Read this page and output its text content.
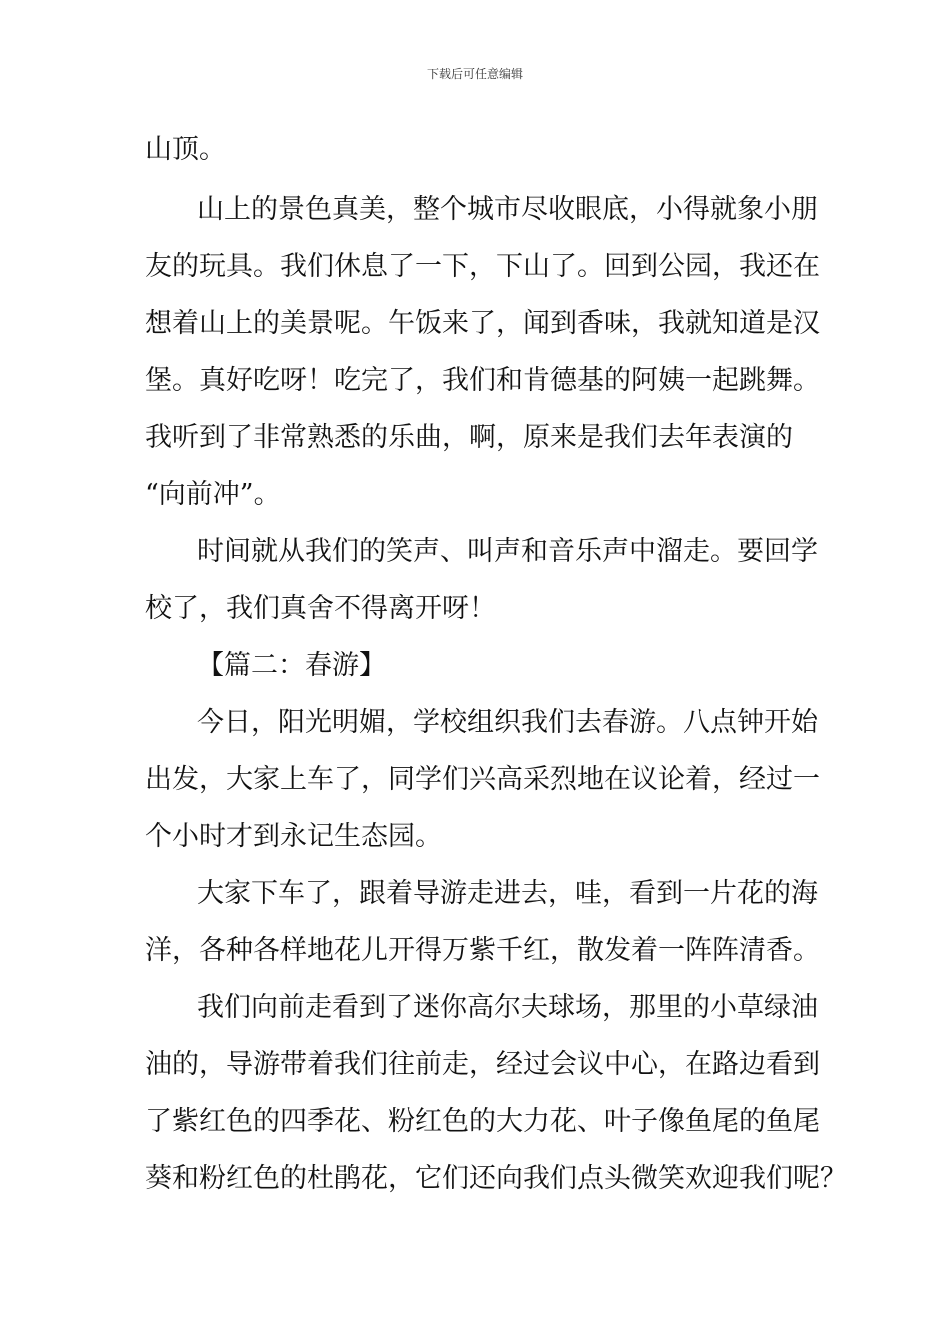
下载后可任意编辑
山顶。
山上的景色真美，整个城市尽收眼底，小得就象小朋
友的玩具。我们休息了一下，下山了。回到公园，我还在
想着山上的美景呢。午饭来了，闻到香味，我就知道是汉
堡。真好吃呀！吃完了，我们和肯德基的阿姨一起跳舞。
我听到了非常熟悉的乐曲，啊，原来是我们去年表演的
“向前冲”。
时间就从我们的笑声、叫声和音乐声中溜走。要回学
校了，我们真舍不得离开呀！
【篇二：春游】
今日，阳光明媚，学校组织我们去春游。八点钟开始
出发，大家上车了，同学们兴高采烈地在议论着，经过一
个小时才到永记生态园。
大家下车了，跟着导游走进去，哇，看到一片花的海
洋，各种各样地花儿开得万紫千红，散发着一阵阵清香。
我们向前走看到了迷你高尔夫球场，那里的小草绿油
油的，导游带着我们往前走，经过会议中心，在路边看到
了紫红色的四季花、粉红色的大力花、叶子像鱼尾的鱼尾
葵和粉红色的杜鹃花，它们还向我们点头微笑欢迎我们呢？
